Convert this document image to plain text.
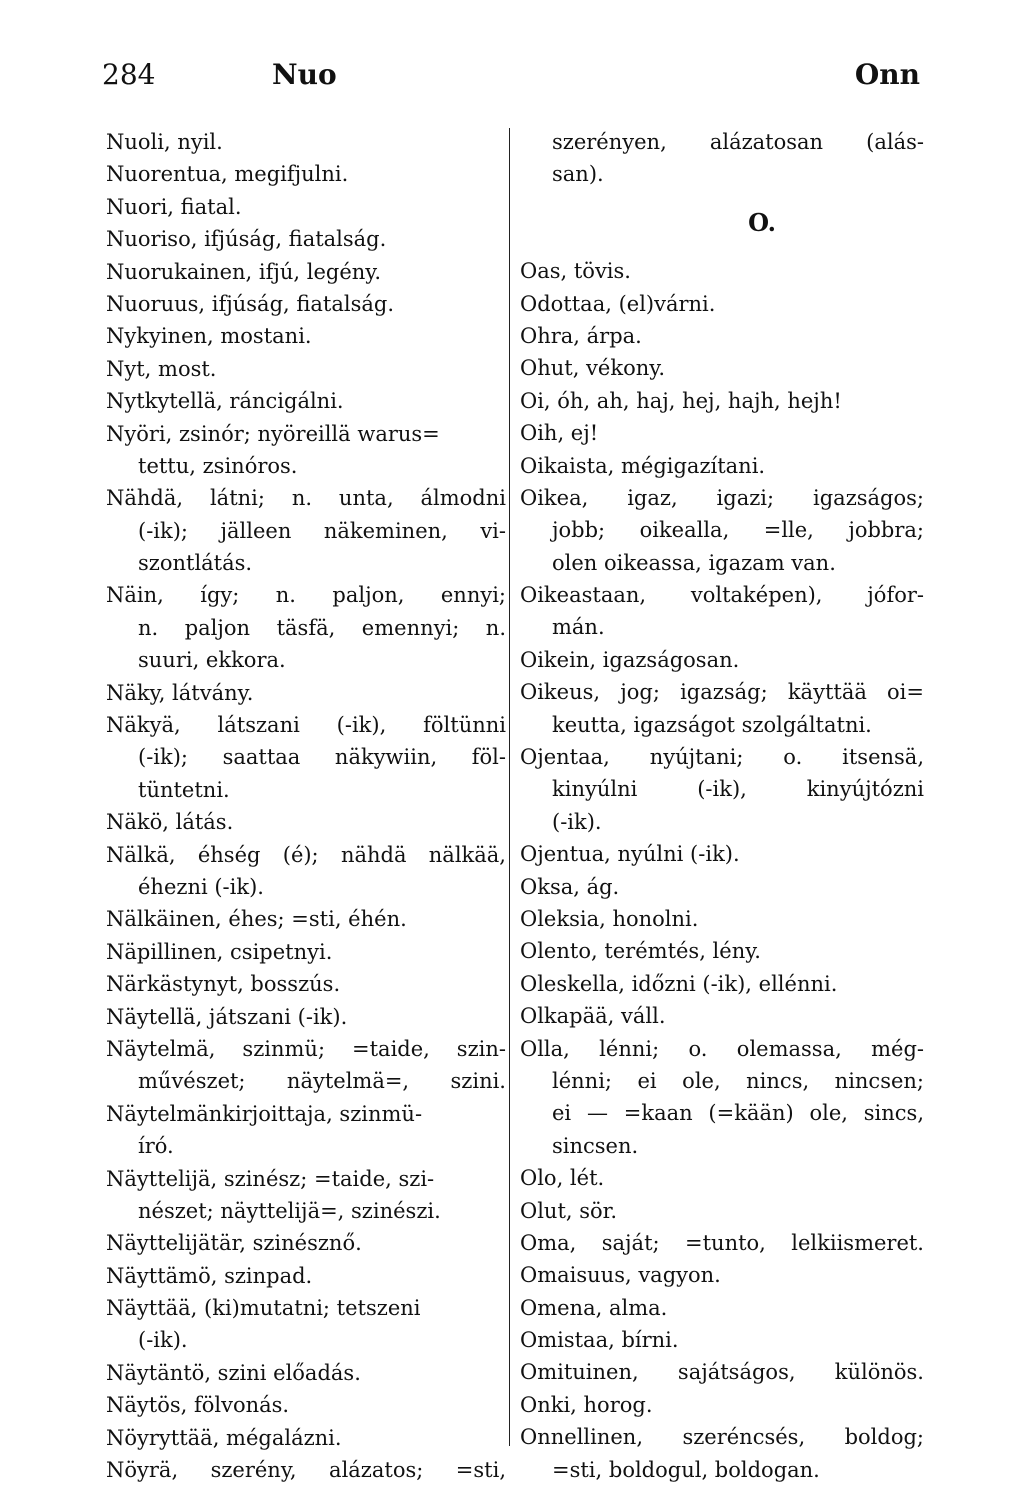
284	Nuo	Onn
Nuoli, nyil.
Nuorentua, megifjulni.
Nuori, fiatal.
Nuoriso, ifjúság, fiatalság.
Nuorukainen, ifjú, legény.
Nuoruus, ifjúság, fiatalság.
Nykyinen, mostani.
Nyt, most.
Nytkytellä, ráncigálni.
Nyöri, zsinór; nyöreillä warus=
tettu, zsinóros.
Nähdä, látni; n. unta, álmodni
(-ik); jälleen näkeminen, vi-
szontlátás.
Näin, így; n. paljon, ennyi;
n. paljon täsfä, emennyi; n.
suuri, ekkora.
Näky, látvány.
Näkyä, látszani (-ik), föltünni
(-ik); saattaa näkywiin, föl-
tüntetni.
Näkö, látás.
Nälkä, éhség (é); nähdä nälkää,
éhezni (-ik).
Nälkäinen, éhes; =sti, éhén.
Näpillinen, csipetnyi.
Närkästynyt, bosszús.
Näytellä, játszani (-ik).
Näytelmä, szinmü; =taide, szin-
művészet; näytelmä=, szini.
Näytelmänkirjoittaja, szinmü-
író.
Näyttelijä, szinész; =taide, szi-
nészet; näyttelijä=, szinészi.
Näyttelijätär, szinésznő.
Näyttämö, szinpad.
Näyttää, (ki)mutatni; tetszeni
(-ik).
Näytäntö, szini előadás.
Näytös, fölvonás.
Nöyryttää, mégalázni.
Nöyrä, szerény, alázatos; =sti,
szerényen, alázatosan (alás-
san).
O.
Oas, tövis.
Odottaa, (el)várni.
Ohra, árpa.
Ohut, vékony.
Oi, óh, ah, haj, hej, hajh, hejh!
Oih, ej!
Oikaista, mégigazítani.
Oikea, igaz, igazi; igazságos;
jobb; oikealla, =lle, jobbra;
olen oikeassa, igazam van.
Oikeastaan, voltaképen), jófor-
mán.
Oikein, igazságosan.
Oikeus, jog; igazság; käyttää oi=
keutta, igazságot szolgáltatni.
Ojentaa, nyújtani; o. itsensä,
kinyúlni (-ik), kinyújtózni
(-ik).
Ojentua, nyúlni (-ik).
Oksa, ág.
Oleksia, honolni.
Olento, terémtés, lény.
Oleskella, időzni (-ik), ellénni.
Olkapää, váll.
Olla, lénni; o. olemassa, még-
lénni; ei ole, nincs, nincsen;
ei — =kaan (=kään) ole, sincs,
sincsen.
Olo, lét.
Olut, sör.
Oma, saját; =tunto, lelkiismeret.
Omaisuus, vagyon.
Omena, alma.
Omistaa, bírni.
Omituinen, sajátságos, különös.
Onki, horog.
Onnellinen, szeréncsés, boldog;
=sti, boldogul, boldogan.
